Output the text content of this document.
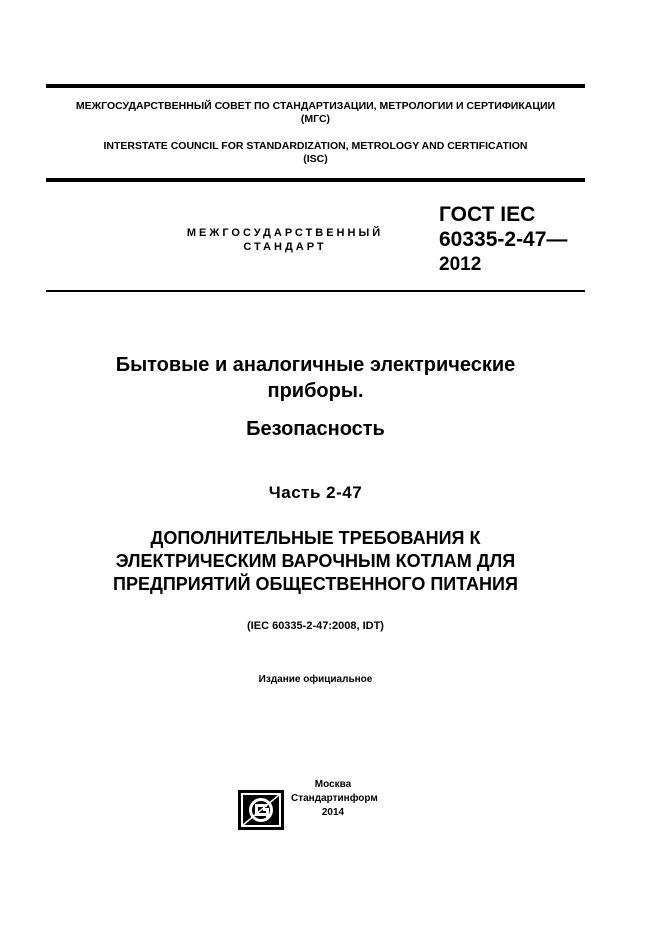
МЕЖГОСУДАРСТВЕННЫЙ СОВЕТ ПО СТАНДАРТИЗАЦИИ, МЕТРОЛОГИИ И СЕРТИФИКАЦИИ
(МГС)
INTERSTATE COUNCIL FOR STANDARDIZATION, METROLOGY AND CERTIFICATION
(ISC)
МЕЖГОСУДАРСТВЕННЫЙ
СТАНДАРТ
ГОСТ IEC
60335-2-47—
2012
Бытовые и аналогичные электрические
приборы.
Безопасность
Часть 2-47
ДОПОЛНИТЕЛЬНЫЕ ТРЕБОВАНИЯ К
ЭЛЕКТРИЧЕСКИМ ВАРОЧНЫМ КОТЛАМ ДЛЯ
ПРЕДПРИЯТИЙ ОБЩЕСТВЕННОГО ПИТАНИЯ
(IEC 60335-2-47:2008, IDT)
Издание официальное
Москва
Стандартинформ
2014
